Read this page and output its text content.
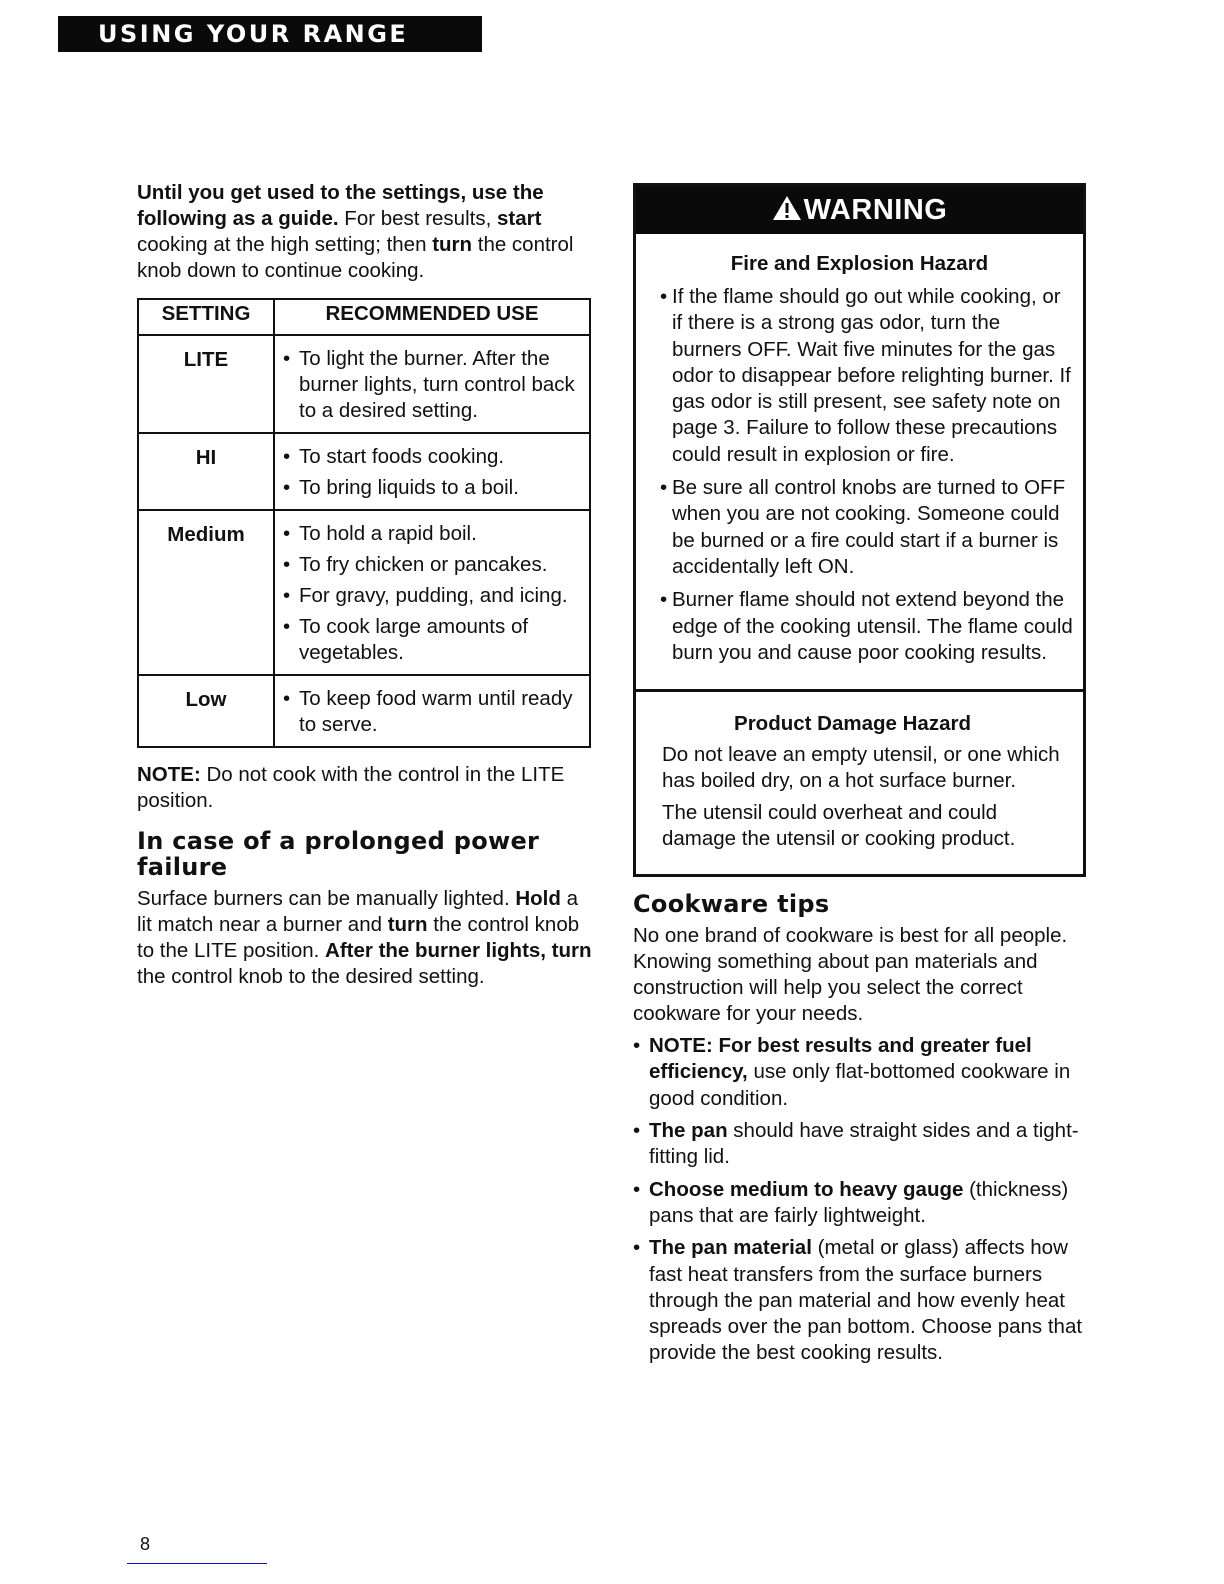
USING YOUR RANGE

Until you get used to the settings, use the following as a guide. For best results, start cooking at the high setting; then turn the control knob down to continue cooking.

SETTING	RECOMMENDED USE
LITE	• To light the burner. After the burner lights, turn control back to a desired setting.

HI	• To start foods cooking.
• To bring liquids to a boil.

Medium	• To hold a rapid boil.
• To fry chicken or pancakes.
• For gravy, pudding, and icing.
• To cook large amounts of vegetables.

Low	• To keep food warm until ready to serve.

NOTE: Do not cook with the control in the LITE position.

In case of a prolonged power failure

Surface burners can be manually lighted. Hold a lit match near a burner and turn the control knob to the LITE position. After the burner lights, turn the control knob to the desired setting.

WARNING
Fire and Explosion Hazard
• If the flame should go out while cooking, or if there is a strong gas odor, turn the burners OFF. Wait five minutes for the gas odor to disappear before relighting burner. If gas odor is still present, see safety note on page 3. Failure to follow these precautions could result in explosion or fire.
• Be sure all control knobs are turned to OFF when you are not cooking. Someone could be burned or a fire could start if a burner is accidentally left ON.
• Burner flame should not extend beyond the edge of the cooking utensil. The flame could burn you and cause poor cooking results.
Product Damage Hazard

Do not leave an empty utensil, or one which has boiled dry, on a hot surface burner.

The utensil could overheat and could damage the utensil or cooking product.

Cookware tips

No one brand of cookware is best for all people. Knowing something about pan materials and construction will help you select the correct cookware for your needs.

• NOTE: For best results and greater fuel efficiency, use only flat-bottomed cookware in good condition.
• The pan should have straight sides and a tight-fitting lid.
• Choose medium to heavy gauge (thickness) pans that are fairly lightweight.
• The pan material (metal or glass) affects how fast heat transfers from the surface burners through the pan material and how evenly heat spreads over the pan bottom. Choose pans that provide the best cooking results.
8
